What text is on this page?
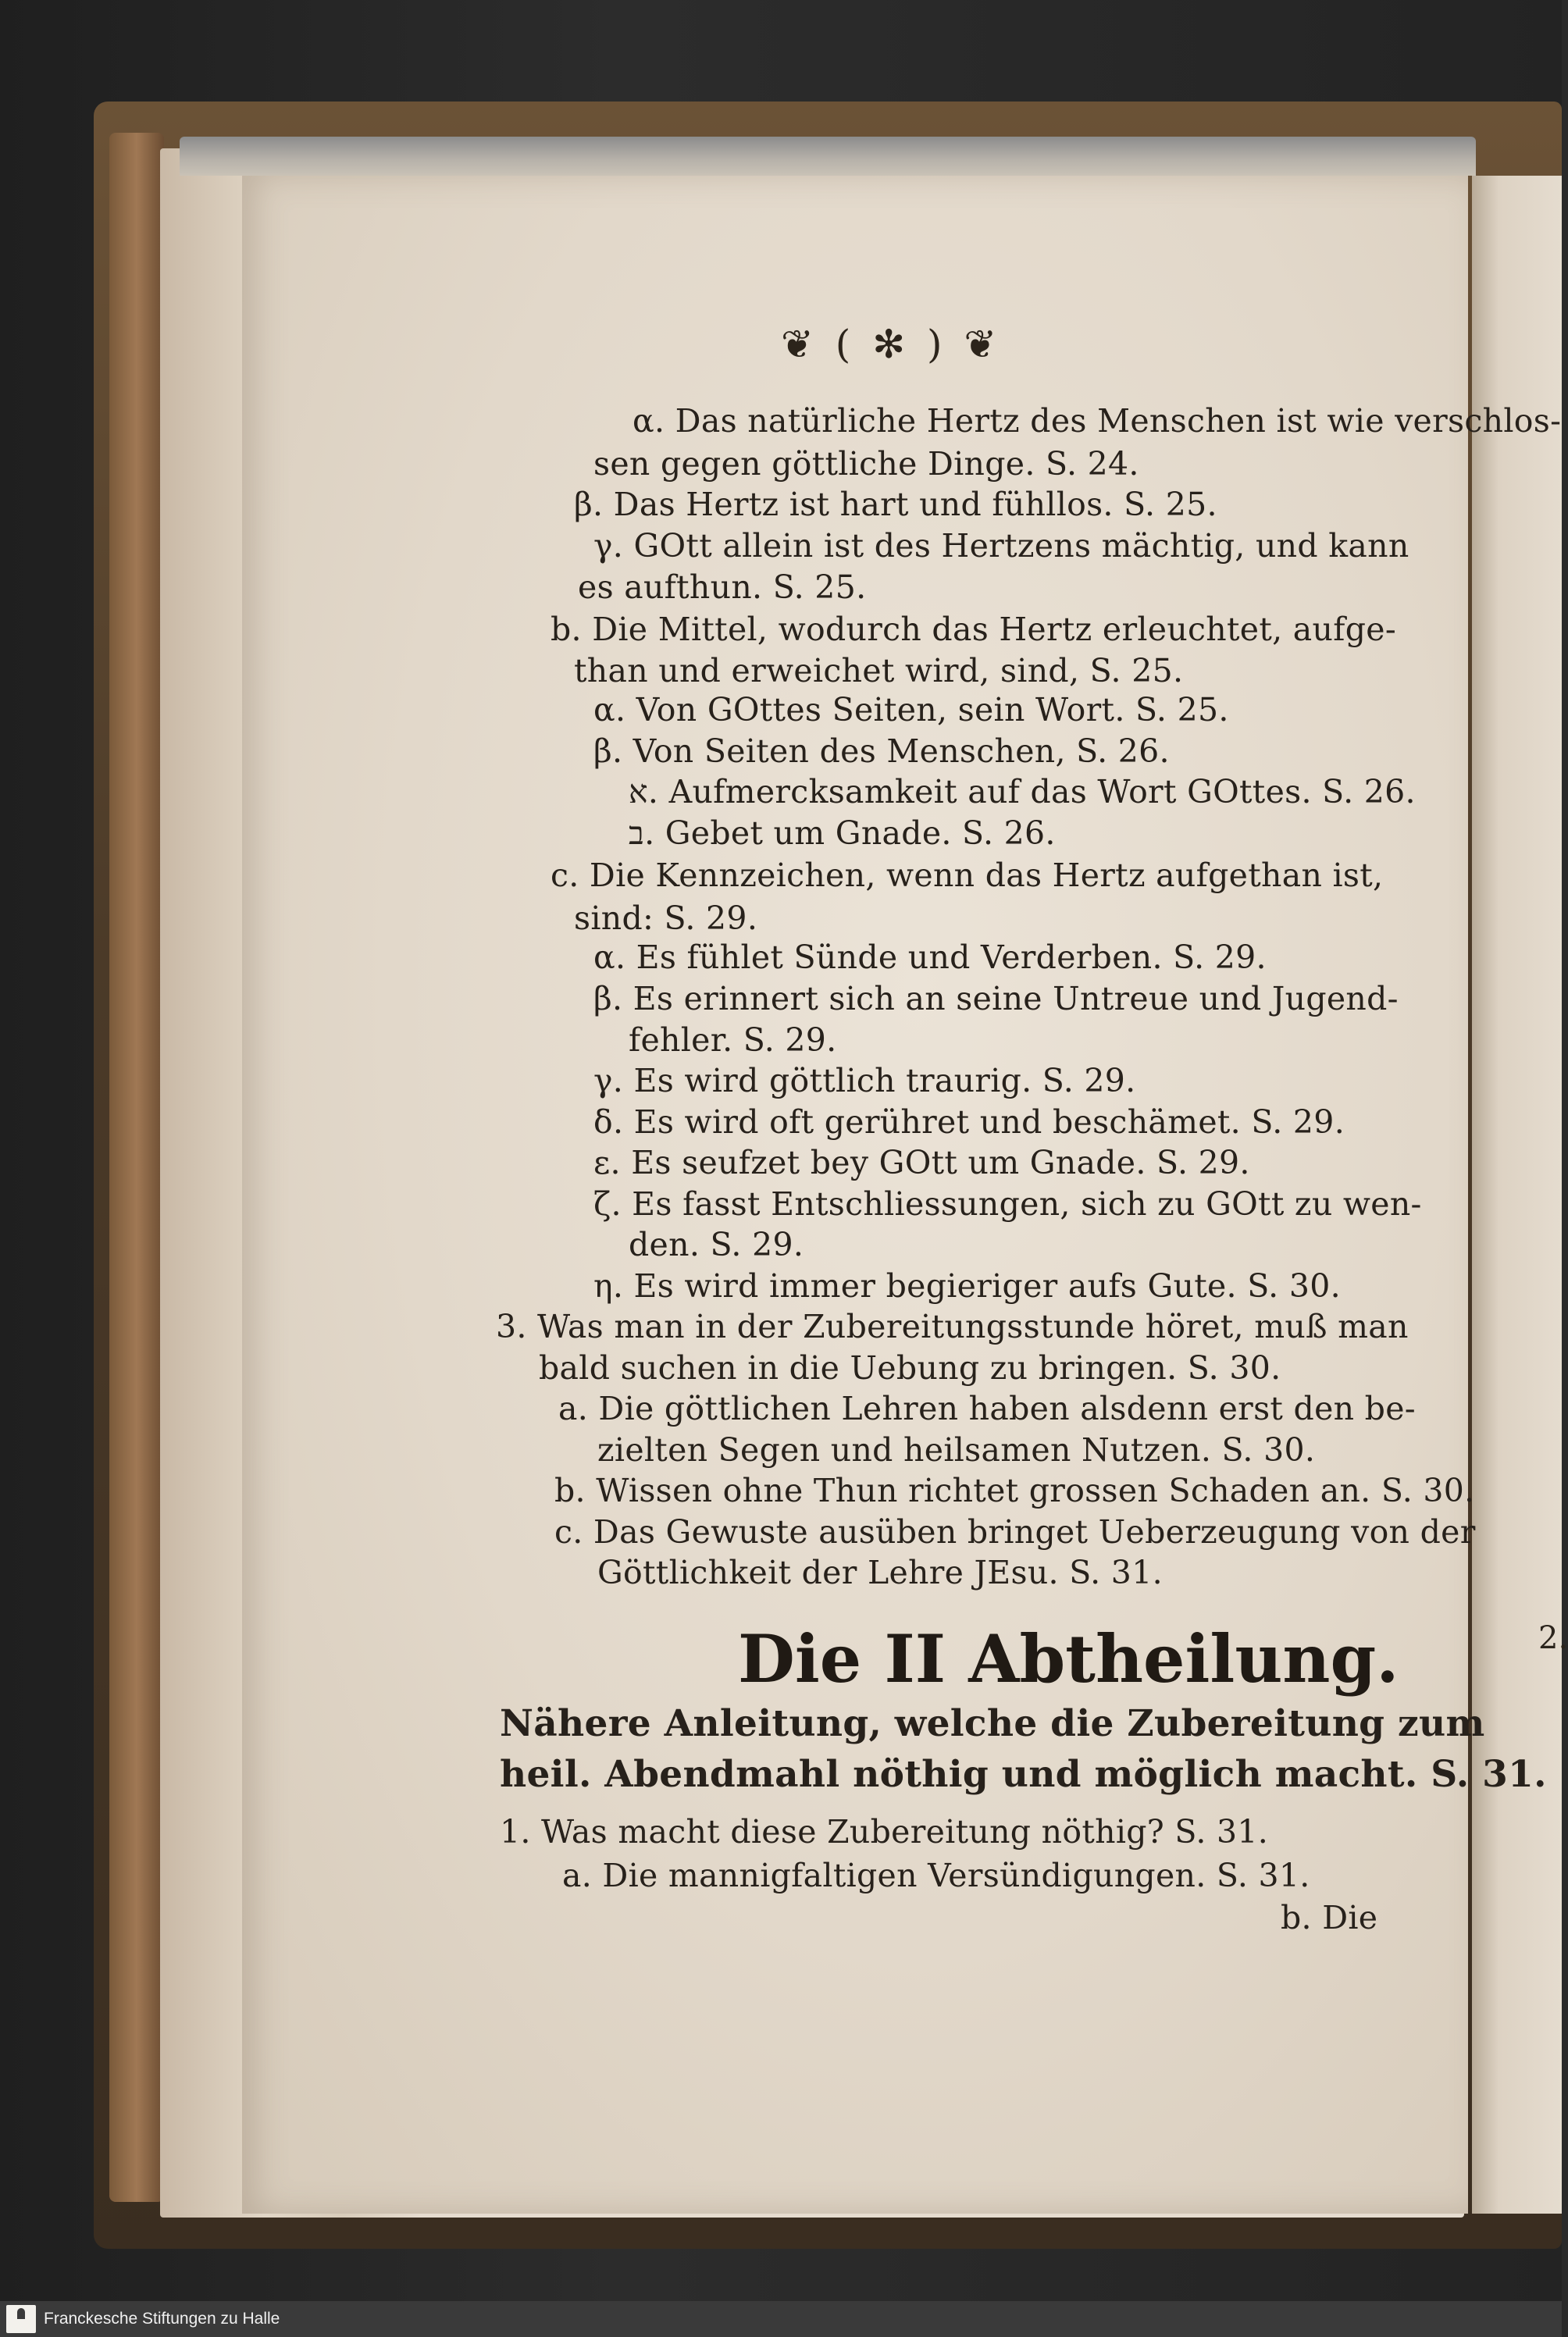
2.
❦ ( ✻ ) ❦
α. Das natürliche Hertz des Menschen ist wie verschlos-
sen gegen göttliche Dinge. S. 24.
β. Das Hertz ist hart und fühllos. S. 25.
γ. GOtt allein ist des Hertzens mächtig, und kann
es aufthun. S. 25.
b. Die Mittel, wodurch das Hertz erleuchtet, aufge-
than und erweichet wird, sind, S. 25.
α. Von GOttes Seiten, sein Wort. S. 25.
β. Von Seiten des Menschen, S. 26.
א. Aufmercksamkeit auf das Wort GOttes. S. 26.
ב. Gebet um Gnade. S. 26.
c. Die Kennzeichen, wenn das Hertz aufgethan ist,
sind: S. 29.
α. Es fühlet Sünde und Verderben. S. 29.
β. Es erinnert sich an seine Untreue und Jugend-
fehler. S. 29.
γ. Es wird göttlich traurig. S. 29.
δ. Es wird oft gerühret und beschämet. S. 29.
ε. Es seufzet bey GOtt um Gnade. S. 29.
ζ. Es fasst Entschliessungen, sich zu GOtt zu wen-
den. S. 29.
η. Es wird immer begieriger aufs Gute. S. 30.
3. Was man in der Zubereitungsstunde höret, muß man
bald suchen in die Uebung zu bringen. S. 30.
a. Die göttlichen Lehren haben alsdenn erst den be-
zielten Segen und heilsamen Nutzen. S. 30.
b. Wissen ohne Thun richtet grossen Schaden an. S. 30.
c. Das Gewuste ausüben bringet Ueberzeugung von der
Göttlichkeit der Lehre JEsu. S. 31.
Die II Abtheilung.
Nähere Anleitung, welche die Zubereitung zum
heil. Abendmahl nöthig und möglich macht. S. 31.
1. Was macht diese Zubereitung nöthig? S. 31.
a. Die mannigfaltigen Versündigungen. S. 31.
b. Die
Franckesche Stiftungen zu Halle
